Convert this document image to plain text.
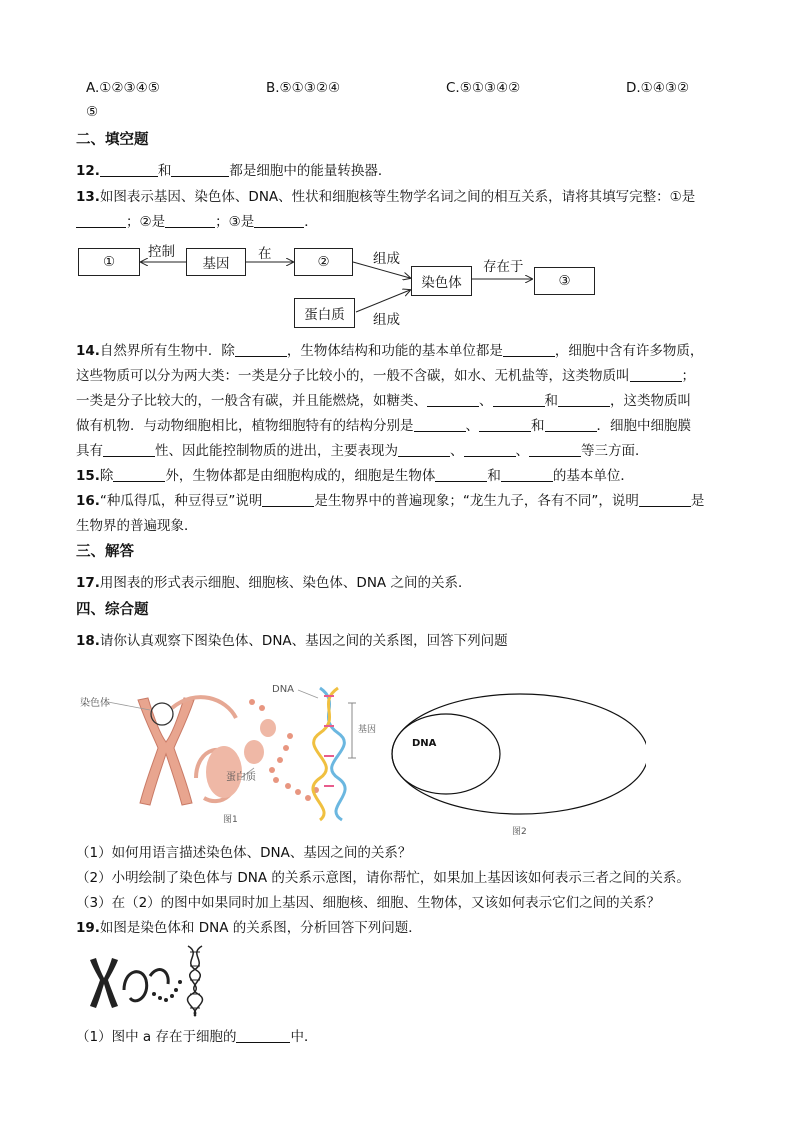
A.①②③④⑤	B.⑤①③②④	C.⑤①③④②	D.①④③②
⑤
二、填空题
12.	和	都是细胞中的能量转换器．
13.如图表示基因、染色体、DNA、性状和细胞核等生物学名词之间的相互关系，请将其填写完整：①是
；②是	；③是	．
①	基因	②
染色体	③
蛋白质
控制	在	组成	存在于
组成
14.自然界所有生物中．除	，生物体结构和功能的基本单位都是	，细胞中含有许多物质，
这些物质可以分为两大类：一类是分子比较小的，一般不含碳，如水、无机盐等，这类物质叫	；
一类是分子比较大的，一般含有碳，并且能燃烧，如糖类、	、	和	，这类物质叫
做有机物．与动物细胞相比，植物细胞特有的结构分别是	、	和	．细胞中细胞膜
具有	性、因此能控制物质的进出，主要表现为	、	、	等三方面．
15.除	外，生物体都是由细胞构成的，细胞是生物体	和	的基本单位．
16.“种瓜得瓜，种豆得豆”说明	是生物界中的普遍现象；“龙生九子，各有不同”，说明	是
生物界的普遍现象．
三、解答
17.用图表的形式表示细胞、细胞核、染色体、DNA 之间的关系．
四、综合题
18.请你认真观察下图染色体、DNA、基因之间的关系图，回答下列问题
染色体
DNA
基因
蛋白质
图1
DNA
图2
（1）如何用语言描述染色体、DNA、基因之间的关系？
（2）小明绘制了染色体与 DNA 的关系示意图，请你帮忙，如果加上基因该如何表示三者之间的关系。
（3）在（2）的图中如果同时加上基因、细胞核、细胞、生物体，又该如何表示它们之间的关系？
19.如图是染色体和 DNA 的关系图，分析回答下列问题．
（1）图中 a 存在于细胞的	中．
